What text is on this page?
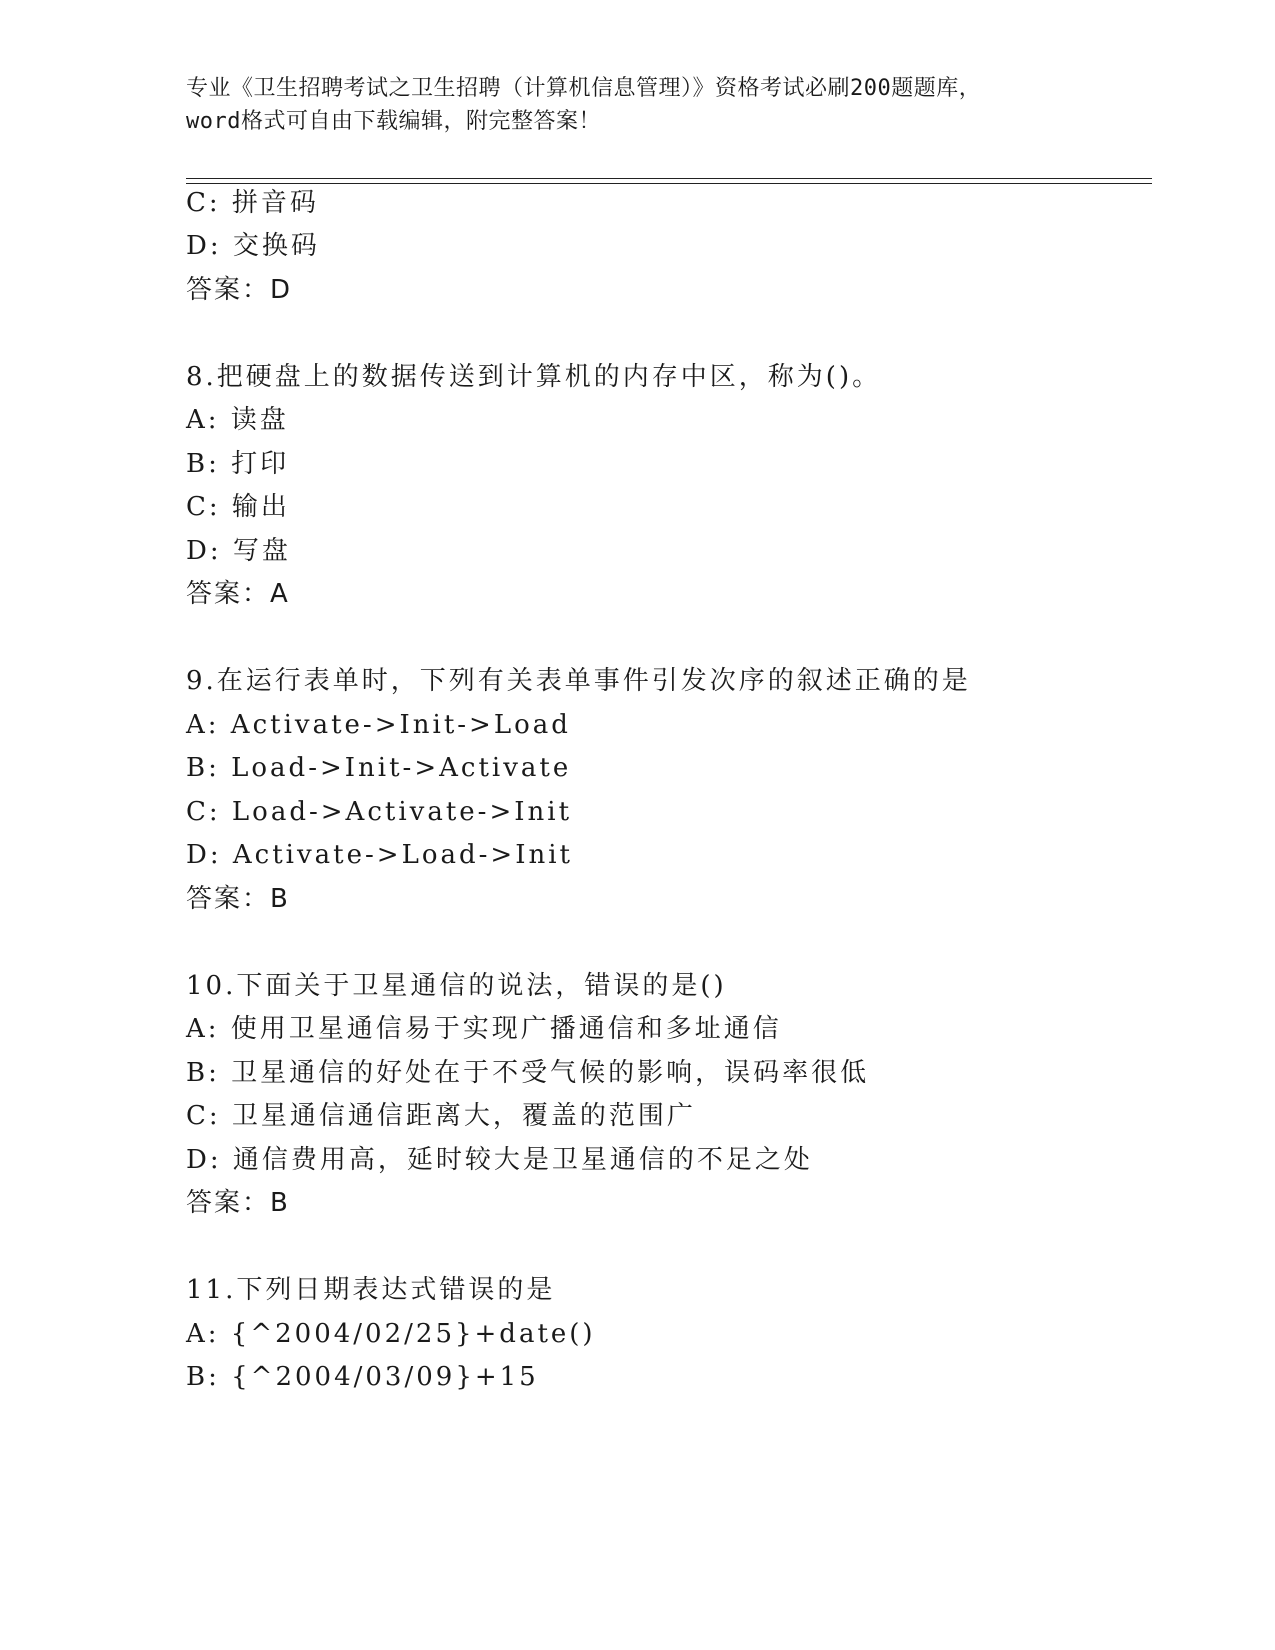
专业《卫生招聘考试之卫生招聘（计算机信息管理）》资格考试必刷200题题库，
word格式可自由下载编辑，附完整答案！
C: 拼音码
D: 交换码
答案：D
8.把硬盘上的数据传送到计算机的内存中区，称为()。
A: 读盘
B: 打印
C: 输出
D: 写盘
答案：A
9.在运行表单时，下列有关表单事件引发次序的叙述正确的是
A: Activate->Init->Load
B: Load->Init->Activate
C: Load->Activate->Init
D: Activate->Load->Init
答案：B
10.下面关于卫星通信的说法，错误的是()
A: 使用卫星通信易于实现广播通信和多址通信
B: 卫星通信的好处在于不受气候的影响，误码率很低
C: 卫星通信通信距离大，覆盖的范围广
D: 通信费用高，延时较大是卫星通信的不足之处
答案：B
11.下列日期表达式错误的是
A: {^2004/02/25}+date()
B: {^2004/03/09}+15
